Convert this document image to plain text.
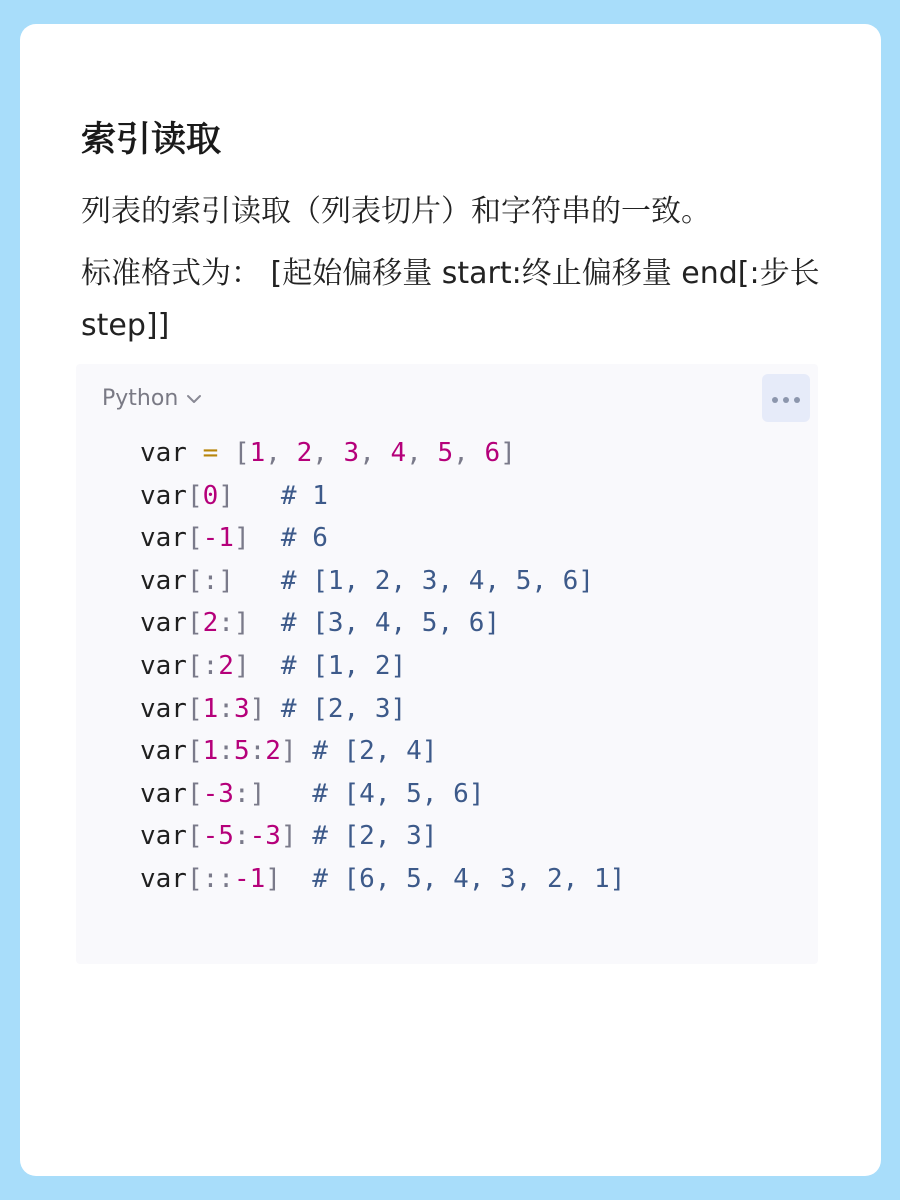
索引读取

列表的索引读取（列表切片）和字符串的一致。

标准格式为： [起始偏移量 start:终止偏移量 end[:步长 step]]

Python
var = [1, 2, 3, 4, 5, 6]
var[0]   # 1
var[-1]  # 6
var[:]   # [1, 2, 3, 4, 5, 6]
var[2:]  # [3, 4, 5, 6]
var[:2]  # [1, 2]
var[1:3] # [2, 3]
var[1:5:2] # [2, 4]
var[-3:]   # [4, 5, 6]
var[-5:-3] # [2, 3]
var[::-1]  # [6, 5, 4, 3, 2, 1]
